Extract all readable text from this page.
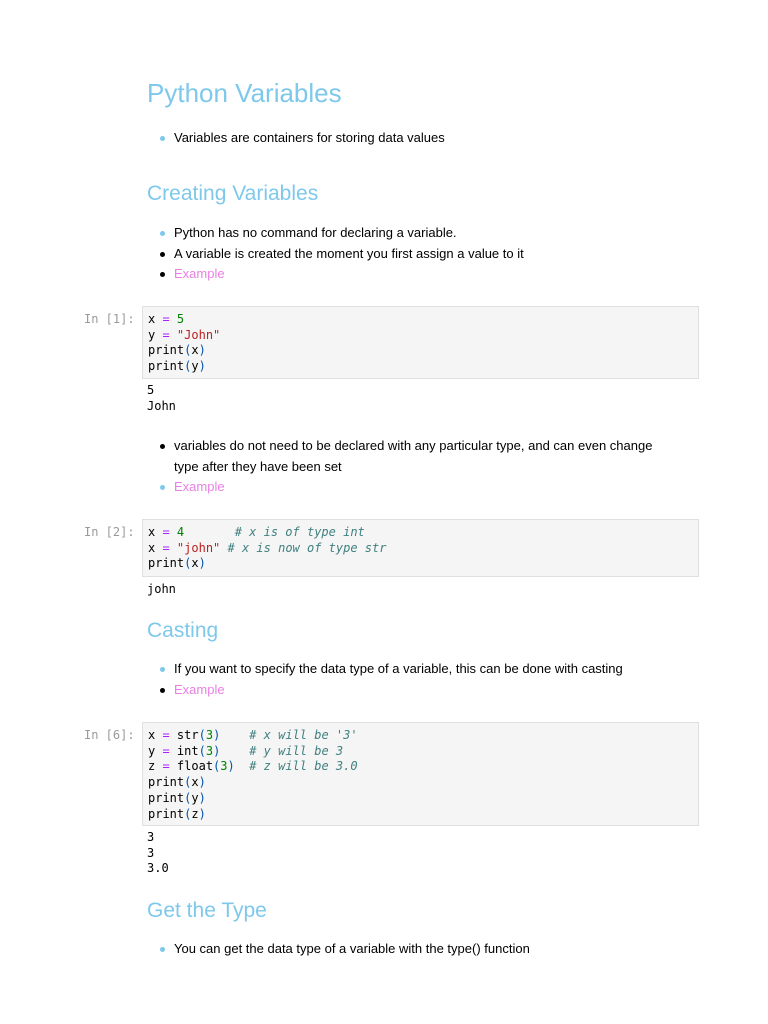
Python Variables
Variables are containers for storing data values
Creating Variables
Python has no command for declaring a variable.
A variable is created the moment you first assign a value to it
Example
In [1]: x = 5
y = "John"
print(x)
print(y)
5
John
variables do not need to be declared with any particular type, and can even change type after they have been set
Example
In [2]: x = 4	# x is of type int
x = "john" # x is now of type str
print(x)
john
Casting
If you want to specify the data type of a variable, this can be done with casting
Example
In [6]: x = str(3) # x will be '3'
y = int(3) # y will be 3
z = float(3) # z will be 3.0
print(x)
print(y)
print(z)
3
3
3.0
Get the Type
You can get the data type of a variable with the type() function
